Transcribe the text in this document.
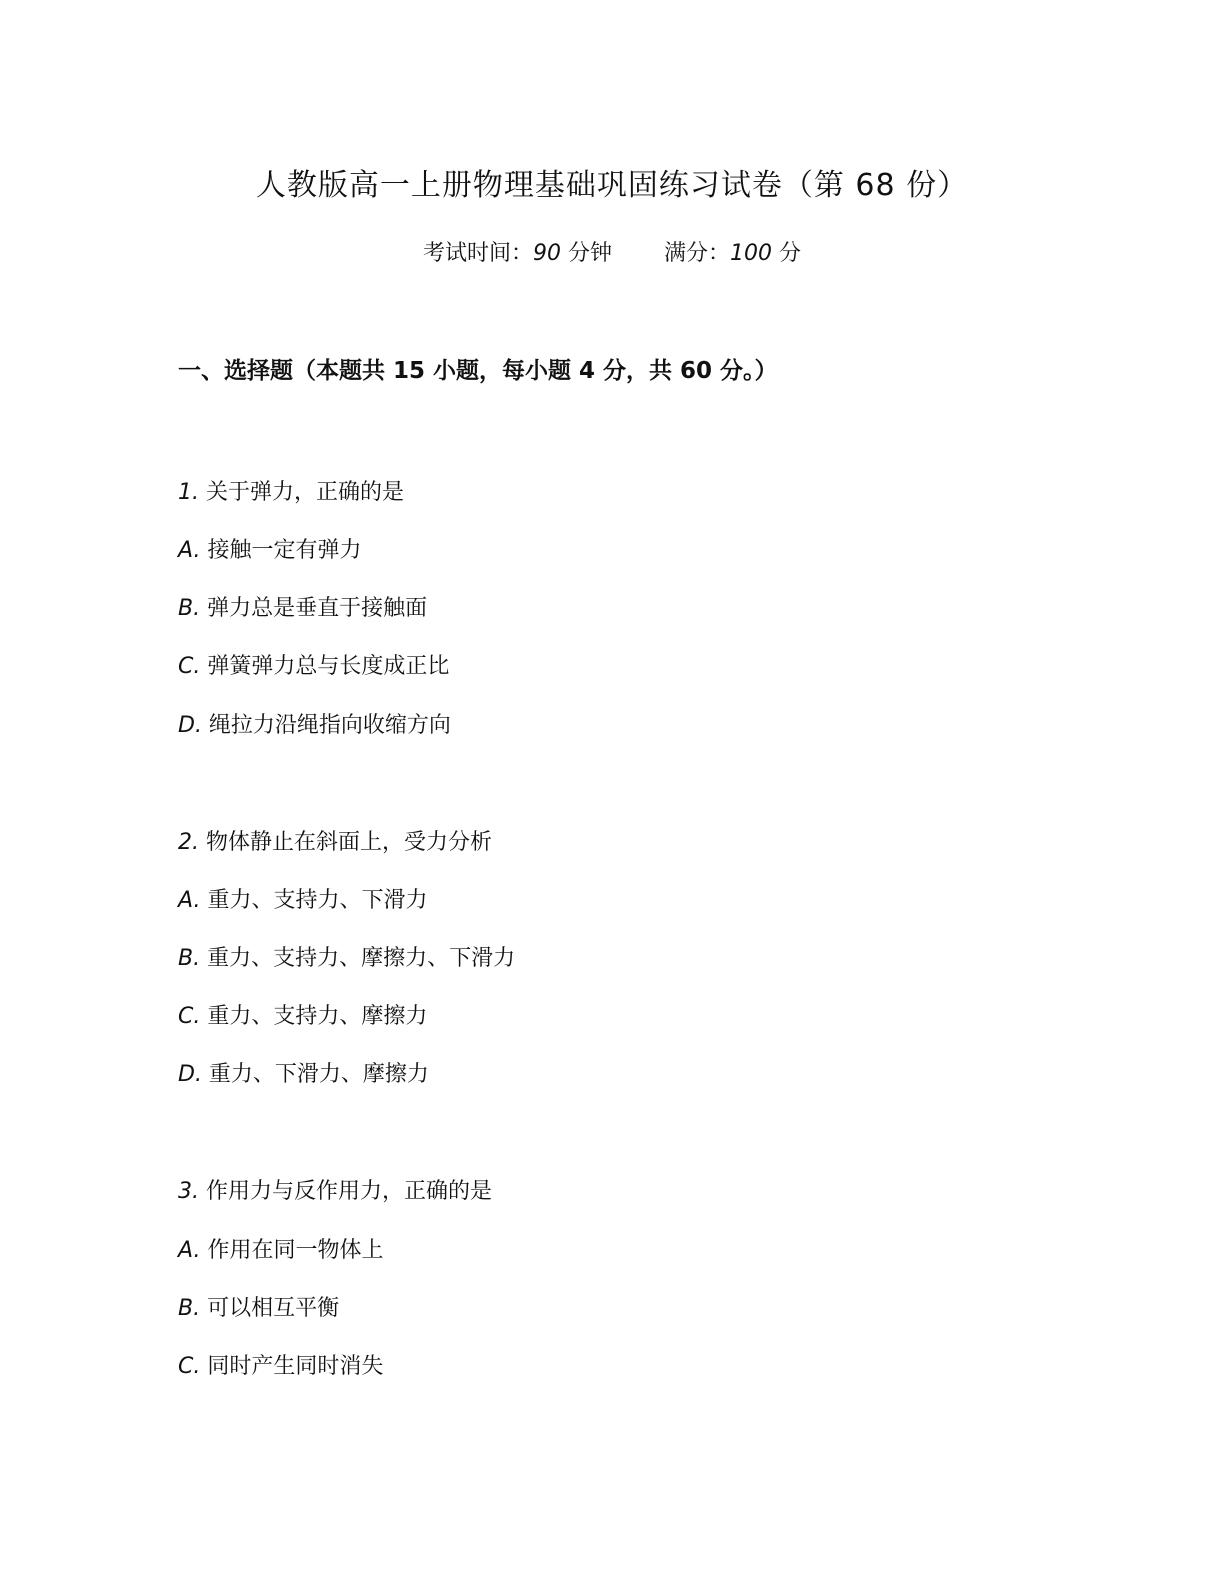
人教版高一上册物理基础巩固练习试卷（第 68 份）
考试时间：90 分钟 满分：100 分
一、选择题（本题共 15 小题，每小题 4 分，共 60 分。）
1. 关于弹力，正确的是
A. 接触一定有弹力
B. 弹力总是垂直于接触面
C. 弹簧弹力总与长度成正比
D. 绳拉力沿绳指向收缩方向
2. 物体静止在斜面上，受力分析
A. 重力、支持力、下滑力
B. 重力、支持力、摩擦力、下滑力
C. 重力、支持力、摩擦力
D. 重力、下滑力、摩擦力
3. 作用力与反作用力，正确的是
A. 作用在同一物体上
B. 可以相互平衡
C. 同时产生同时消失
